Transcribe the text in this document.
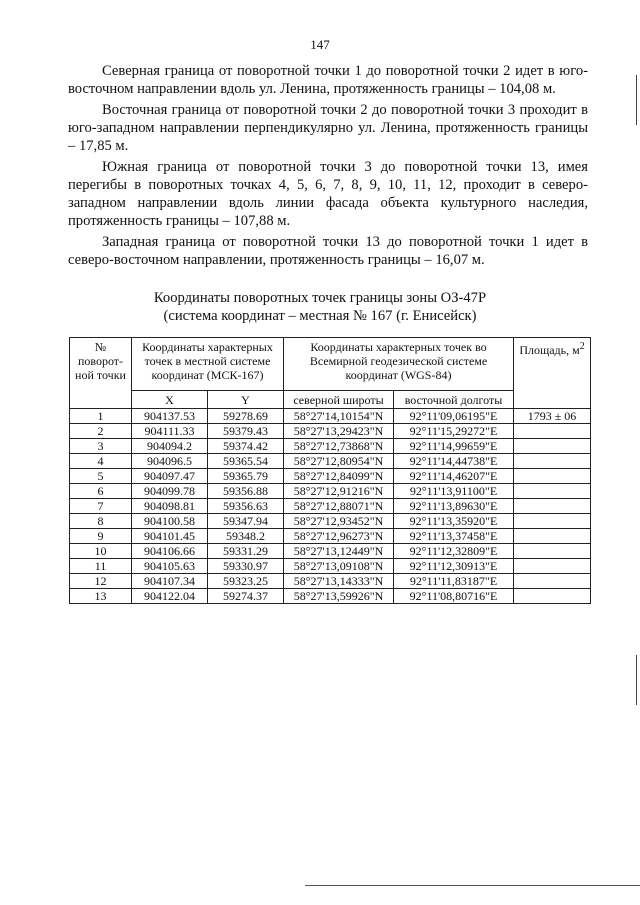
147

Северная граница от поворотной точки 1 до поворотной точки 2 идет в юго-восточном направлении вдоль ул. Ленина, протяженность границы – 104,08 м.

Восточная граница от поворотной точки 2 до поворотной точки 3 проходит в юго-западном направлении перпендикулярно ул. Ленина, протяженность границы – 17,85 м.

Южная граница от поворотной точки 3 до поворотной точки 13, имея перегибы в поворотных точках 4, 5, 6, 7, 8, 9, 10, 11, 12, проходит в северо-западном направлении вдоль линии фасада объекта культурного наследия, протяженность границы – 107,88 м.

Западная граница от поворотной точки 13 до поворотной точки 1 идет в северо-восточном направлении, протяженность границы – 16,07 м.

Координаты поворотных точек границы зоны ОЗ-47Р
(система координат – местная № 167 (г. Енисейск)
№ поворот-ной точки	Координаты характерных точек в местной системе координат (МСК-167)		Координаты характерных точек во Всемирной геодезической системе координат (WGS-84)		Площадь, $м^2$
	X	Y	северной широты	восточной долготы	
1	904137.53	59278.69	58°27'14,10154"N	92°11'09,06195"E	1793 ± 06
2	904111.33	59379.43	58°27'13,29423"N	92°11'15,29272"E	
3	904094.2	59374.42	58°27'12,73868"N	92°11'14,99659"E	
4	904096.5	59365.54	58°27'12,80954"N	92°11'14,44738"E	
5	904097.47	59365.79	58°27'12,84099"N	92°11'14,46207"E	
6	904099.78	59356.88	58°27'12,91216"N	92°11'13,91100"E	
7	904098.81	59356.63	58°27'12,88071"N	92°11'13,89630"E	
8	904100.58	59347.94	58°27'12,93452"N	92°11'13,35920"E	
9	904101.45	59348.2	58°27'12,96273"N	92°11'13,37458"E	
10	904106.66	59331.29	58°27'13,12449"N	92°11'12,32809"E	
11	904105.63	59330.97	58°27'13,09108"N	92°11'12,30913"E	
12	904107.34	59323.25	58°27'13,14333"N	92°11'11,83187"E	
13	904122.04	59274.37	58°27'13,59926"N	92°11'08,80716"E	
